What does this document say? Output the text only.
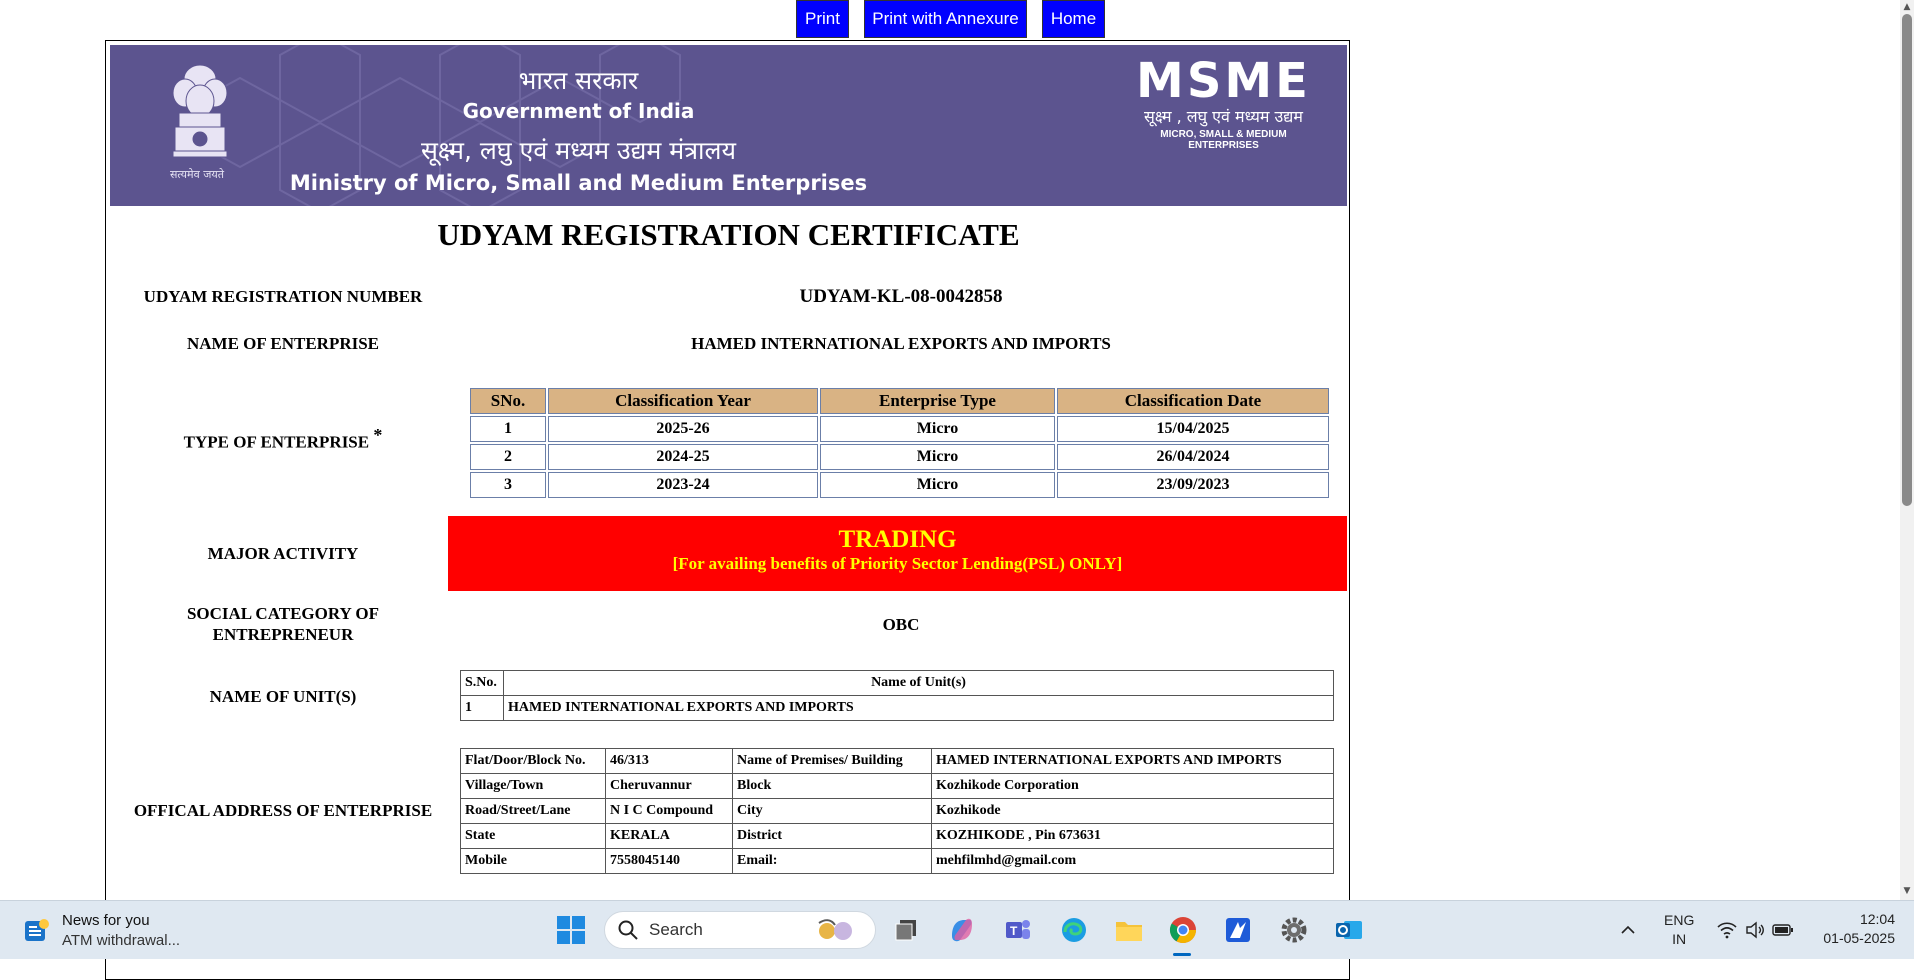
Print	Print with Annexure	Home
सत्यमेव जयते
भारत सरकार
Government of India
सूक्ष्म, लघु एवं मध्यम उद्यम मंत्रालय
Ministry of Micro, Small and Medium Enterprises
MSME
सूक्ष्म , लघु एवं मध्यम उद्यम
MICRO, SMALL & MEDIUM ENTERPRISES
UDYAM REGISTRATION CERTIFICATE
UDYAM REGISTRATION NUMBER	UDYAM-KL-08-0042858
NAME OF ENTERPRISE	HAMED INTERNATIONAL EXPORTS AND IMPORTS
TYPE OF ENTERPRISE *
SNo.	Classification Year	Enterprise Type	Classification Date
1	2025-26	Micro	15/04/2025
2	2024-25	Micro	26/04/2024
3	2023-24	Micro	23/09/2023
MAJOR ACTIVITY
TRADING
[For availing benefits of Priority Sector Lending(PSL) ONLY]
SOCIAL CATEGORY OF
ENTREPRENEUR
OBC
NAME OF UNIT(S)
S.No.	Name of Unit(s)
1	HAMED INTERNATIONAL EXPORTS AND IMPORTS
OFFICAL ADDRESS OF ENTERPRISE
Flat/Door/Block No.	46/313	Name of Premises/ Building	HAMED INTERNATIONAL EXPORTS AND IMPORTS
Village/Town	Cheruvannur	Block	Kozhikode Corporation
Road/Street/Lane	N I C Compound	City	Kozhikode
State	KERALA	District	KOZHIKODE , Pin 673631
Mobile	7558045140	Email:	mehfilmhd@gmail.com
▲
▼
News for you
ATM withdrawal...
Search	T
ENG
IN
12:04
01-05-2025
